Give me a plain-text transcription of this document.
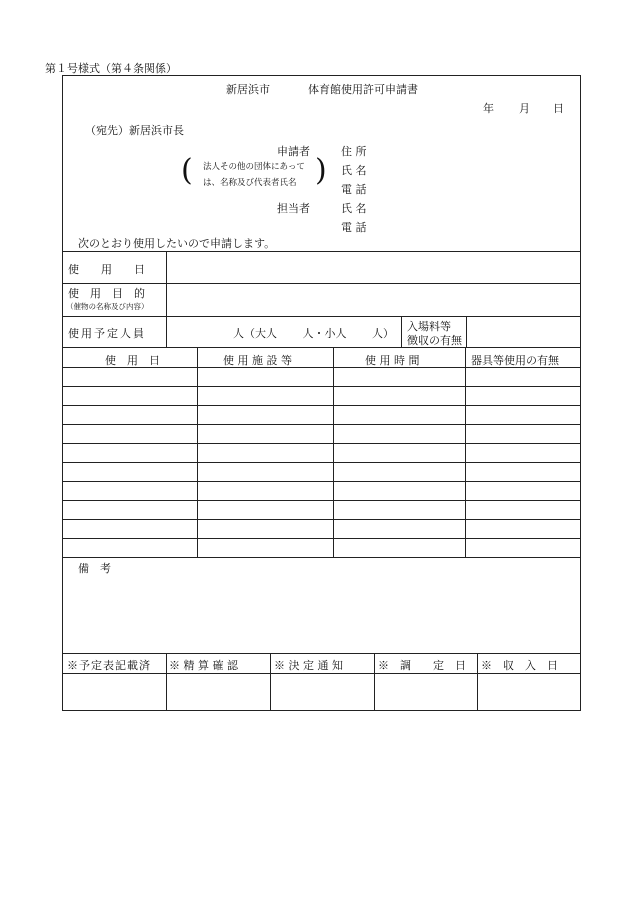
第１号様式（第４条関係）
新居浜市	体育館使用許可申請書
年 月 日
（宛先）新居浜市長
申請者	住 所
( 法人その他の団体にあって
は、名称及び代表者氏名 ) 氏 名
電 話
担当者	氏 名
電 話
次のとおり使用したいので申請します。
使　　用　　日
使　用　目　的
（催物の名称及び内容）
使用予定人員	人（大人　　 人・小人　　 人）
入場料等
徴収の有無
使　用　日	使 用 施 設 等	使 用 時 間	器具等使用の有無
備　考
※予定表記載済 ※ 精 算 確 認	※ 決 定 通 知	※　調　　定　日 ※　収　入　日
